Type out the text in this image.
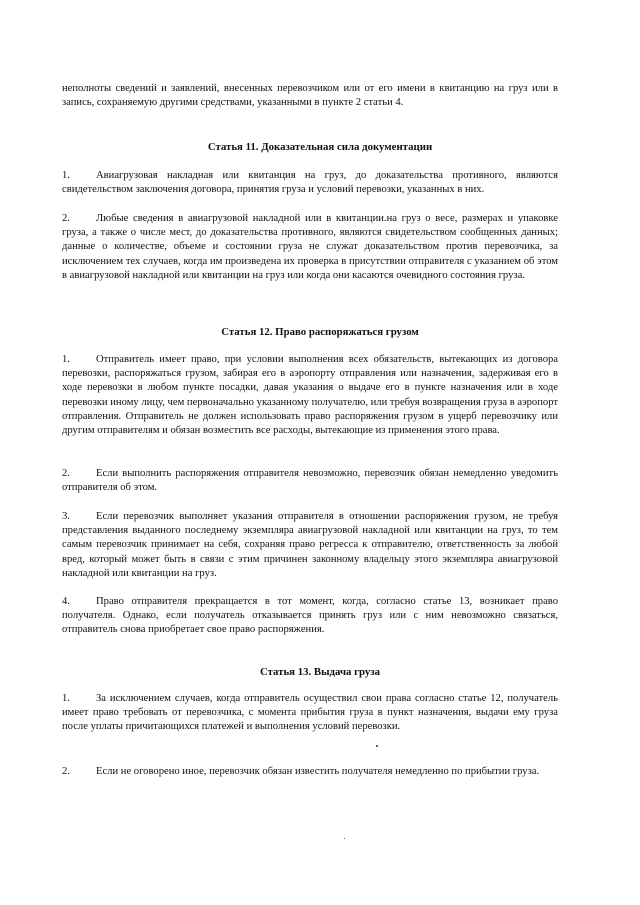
неполноты сведений и заявлений, внесенных перевозчиком или от его имени в квитанцию на груз или в запись, сохраняемую другими средствами, указанными в пункте 2 статьи 4.

Статья 11. Доказательная сила документации

1. Авиагрузовая накладная или квитанция на груз, до доказательства противного, являются свидетельством заключения договора, принятия груза и условий перевозки, указанных в них.

2. Любые сведения в авиагрузовой накладной или в квитанции.на груз о весе, размерах и упаковке груза, а также о числе мест, до доказательства противного, являются свидетельством сообщенных данных; данные о количестве, объеме и состоянии груза не служат доказательством против перевозчика, за исключением тех случаев, когда им произведена их проверка в присутствии отправителя с указанием об этом в авиагрузовой накладной или квитанции на груз или когда они касаются очевидного состояния груза.

Статья 12. Право распоряжаться грузом

1. Отправитель имеет право, при условии выполнения всех обязательств, вытекающих из договора перевозки, распоряжаться грузом, забирая его в аэропорту отправления или назначения, задерживая его в ходе перевозки в любом пункте посадки, давая указания о выдаче его в пункте назначения или в ходе перевозки иному лицу, чем первоначально указанному получателю, или требуя возвращения груза в аэропорт отправления. Отправитель не должен использовать право распоряжения грузом в ущерб перевозчику или другим отправителям и обязан возместить все расходы, вытекающие из применения этого права.

2. Если выполнить распоряжения отправителя невозможно, перевозчик обязан немедленно уведомить отправителя об этом.

3. Если перевозчик выполняет указания отправителя в отношении распоряжения грузом, не требуя представления выданного последнему экземпляра авиагрузовой накладной или квитанции на груз, то тем самым перевозчик принимает на себя, сохраняя право регресса к отправителю, ответственность за любой вред, который может быть в связи с этим причинен законному владельцу этого экземпляра авиагрузовой накладной или квитанции на груз.

4. Право отправителя прекращается в тот момент, когда, согласно статье 13, возникает право получателя. Однако, если получатель отказывается принять груз или с ним невозможно связаться, отправитель снова приобретает свое право распоряжения.

Статья 13. Выдача груза

1. За исключением случаев, когда отправитель осуществил свои права согласно статье 12, получатель имеет право требовать от перевозчика, с момента прибытия груза в пункт назначения, выдачи ему груза после уплаты причитающихся платежей и выполнения условий перевозки.

2. Если не оговорено иное, перевозчик обязан известить получателя немедленно по прибытии груза.
